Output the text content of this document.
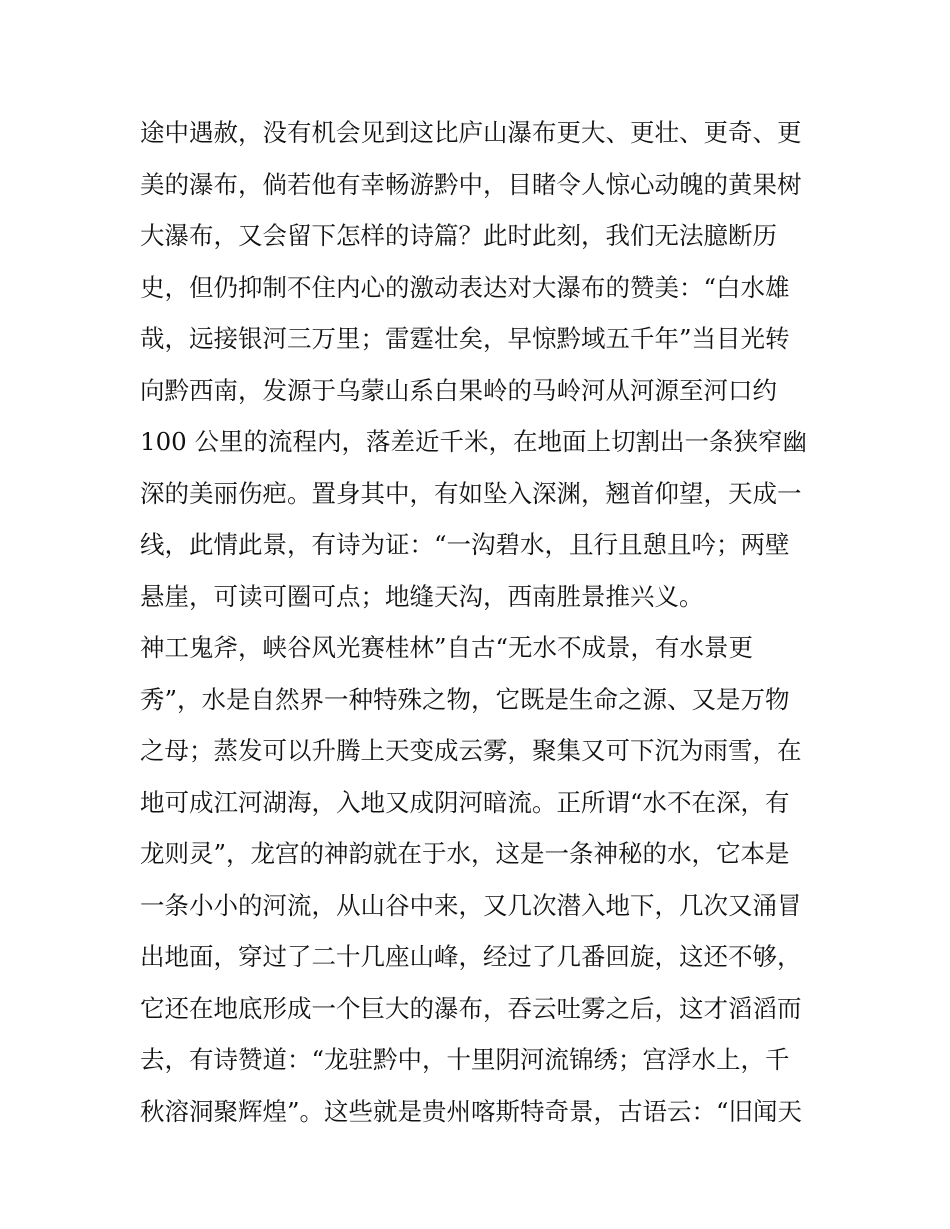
途中遇赦，没有机会见到这比庐山瀑布更大、更壮、更奇、更
美的瀑布，倘若他有幸畅游黔中，目睹令人惊心动魄的黄果树
大瀑布，又会留下怎样的诗篇？此时此刻，我们无法臆断历
史，但仍抑制不住内心的激动表达对大瀑布的赞美：“白水雄
哉，远接银河三万里；雷霆壮矣，早惊黔域五千年”当目光转
向黔西南，发源于乌蒙山系白果岭的马岭河从河源至河口约
100 公里的流程内，落差近千米，在地面上切割出一条狭窄幽
深的美丽伤疤。置身其中，有如坠入深渊，翘首仰望，天成一
线，此情此景，有诗为证：“一沟碧水，且行且憩且吟；两壁
悬崖，可读可圈可点；地缝天沟，西南胜景推兴义。
神工鬼斧，峡谷风光赛桂林”自古“无水不成景，有水景更
秀”，水是自然界一种特殊之物，它既是生命之源、又是万物
之母；蒸发可以升腾上天变成云雾，聚集又可下沉为雨雪，在
地可成江河湖海，入地又成阴河暗流。正所谓“水不在深，有
龙则灵”，龙宫的神韵就在于水，这是一条神秘的水，它本是
一条小小的河流，从山谷中来，又几次潜入地下，几次又涌冒
出地面，穿过了二十几座山峰，经过了几番回旋，这还不够，
它还在地底形成一个巨大的瀑布，吞云吐雾之后，这才滔滔而
去，有诗赞道：“龙驻黔中，十里阴河流锦绣；宫浮水上，千
秋溶洞聚辉煌”。这些就是贵州喀斯特奇景，古语云：“旧闻天
